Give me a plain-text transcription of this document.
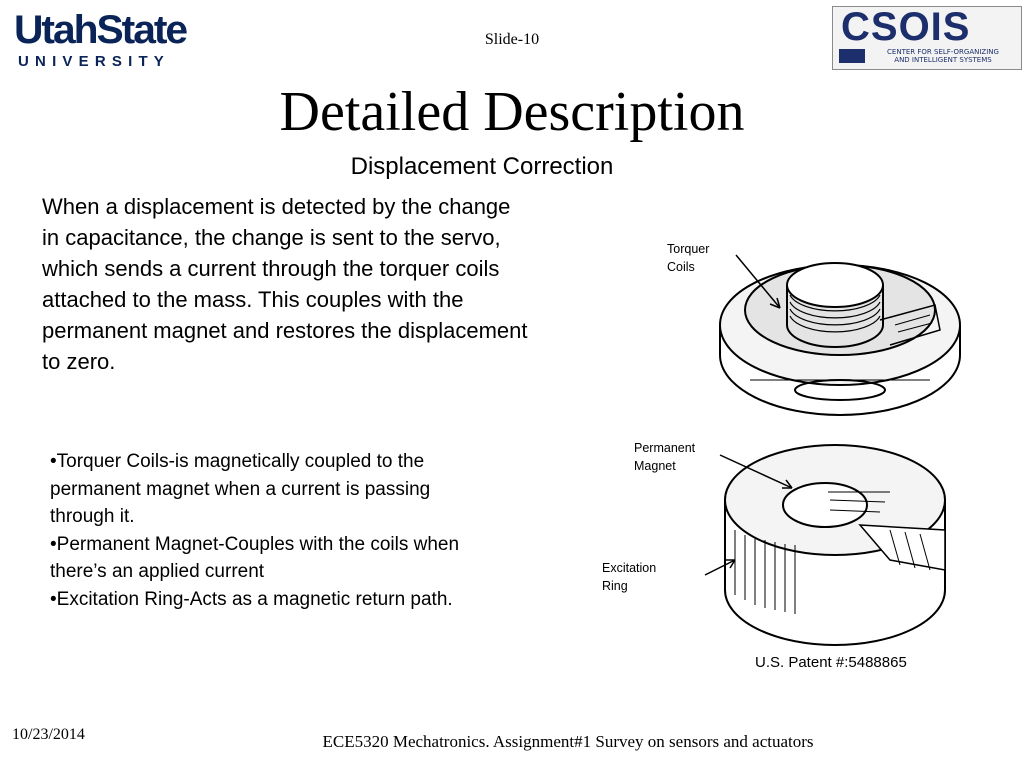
UtahState
UNIVERSITY
CSOIS
CENTER FOR SELF-ORGANIZING
AND INTELLIGENT SYSTEMS
Slide-10
Detailed Description
Displacement Correction
When a displacement is detected by the change in capacitance, the change is sent to the servo, which sends a current through the torquer coils attached to the mass. This couples with the permanent magnet and restores the displacement to zero.
•Torquer Coils-is magnetically coupled to the permanent magnet when a current is passing through it.
•Permanent Magnet-Couples with the coils when there’s an applied current
•Excitation Ring-Acts as a magnetic return path.
Torquer
Coils
Permanent
Magnet
Excitation
Ring
U.S. Patent #:5488865
10/23/2014	ECE5320 Mechatronics. Assignment#1 Survey on sensors and actuators
